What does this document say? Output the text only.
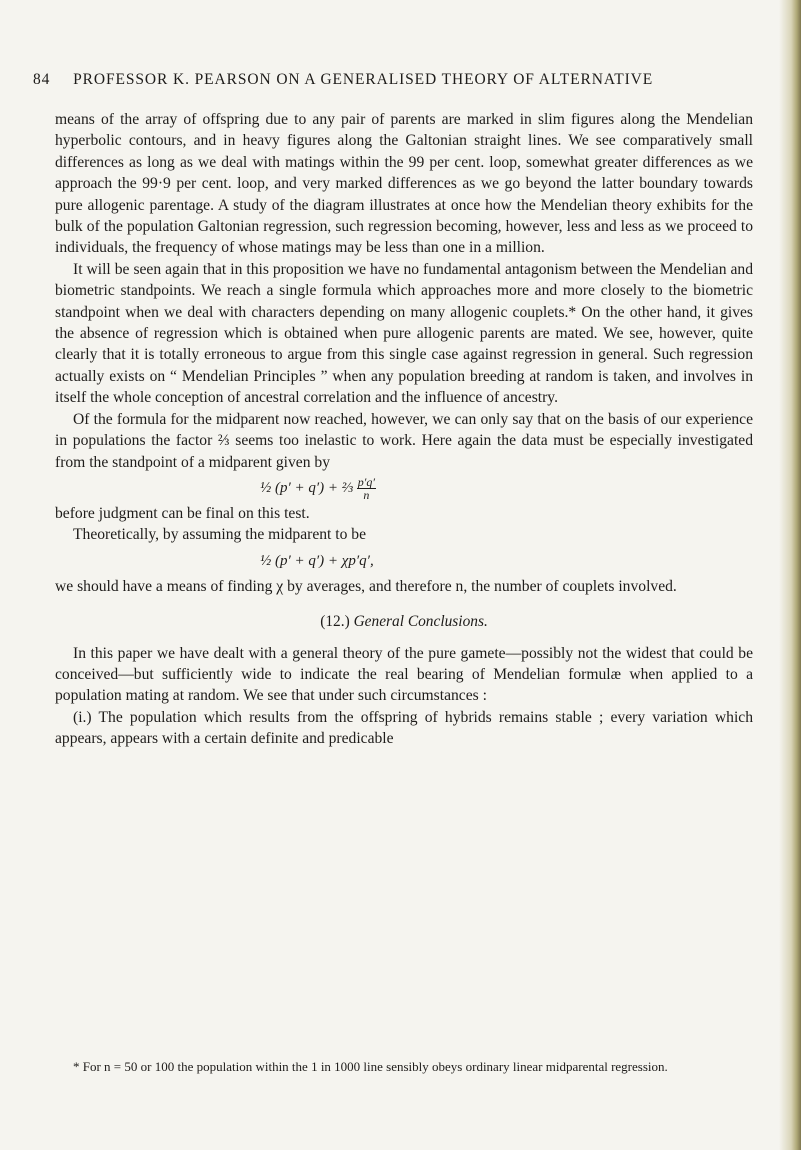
84 PROFESSOR K. PEARSON ON A GENERALISED THEORY OF ALTERNATIVE

means of the array of offspring due to any pair of parents are marked in slim figures along the Mendelian hyperbolic contours, and in heavy figures along the Galtonian straight lines. We see comparatively small differences as long as we deal with matings within the 99 per cent. loop, somewhat greater differences as we approach the 99·9 per cent. loop, and very marked differences as we go beyond the latter boundary towards pure allogenic parentage. A study of the diagram illustrates at once how the Mendelian theory exhibits for the bulk of the population Galtonian regression, such regression becoming, however, less and less as we proceed to individuals, the frequency of whose matings may be less than one in a million.

It will be seen again that in this proposition we have no fundamental antagonism between the Mendelian and biometric standpoints. We reach a single formula which approaches more and more closely to the biometric standpoint when we deal with characters depending on many allogenic couplets.* On the other hand, it gives the absence of regression which is obtained when pure allogenic parents are mated. We see, however, quite clearly that it is totally erroneous to argue from this single case against regression in general. Such regression actually exists on “ Mendelian Principles ” when any population breeding at random is taken, and involves in itself the whole conception of ancestral correlation and the influence of ancestry.

Of the formula for the midparent now reached, however, we can only say that on the basis of our experience in populations the factor ⅔ seems too inelastic to work. Here again the data must be especially investigated from the standpoint of a midparent given by

½ (p′ + q′) + ⅔ $\frac{p'q'}{n}$

before judgment can be final on this test.

Theoretically, by assuming the midparent to be

½ (p′ + q′) + χp′q′,

we should have a means of finding χ by averages, and therefore n, the number of couplets involved.

(12.) General Conclusions.

In this paper we have dealt with a general theory of the pure gamete—possibly not the widest that could be conceived—but sufficiently wide to indicate the real bearing of Mendelian formulæ when applied to a population mating at random. We see that under such circumstances :

(i.) The population which results from the offspring of hybrids remains stable ; every variation which appears, appears with a certain definite and predicable

* For n = 50 or 100 the population within the 1 in 1000 line sensibly obeys ordinary linear midparental regression.
